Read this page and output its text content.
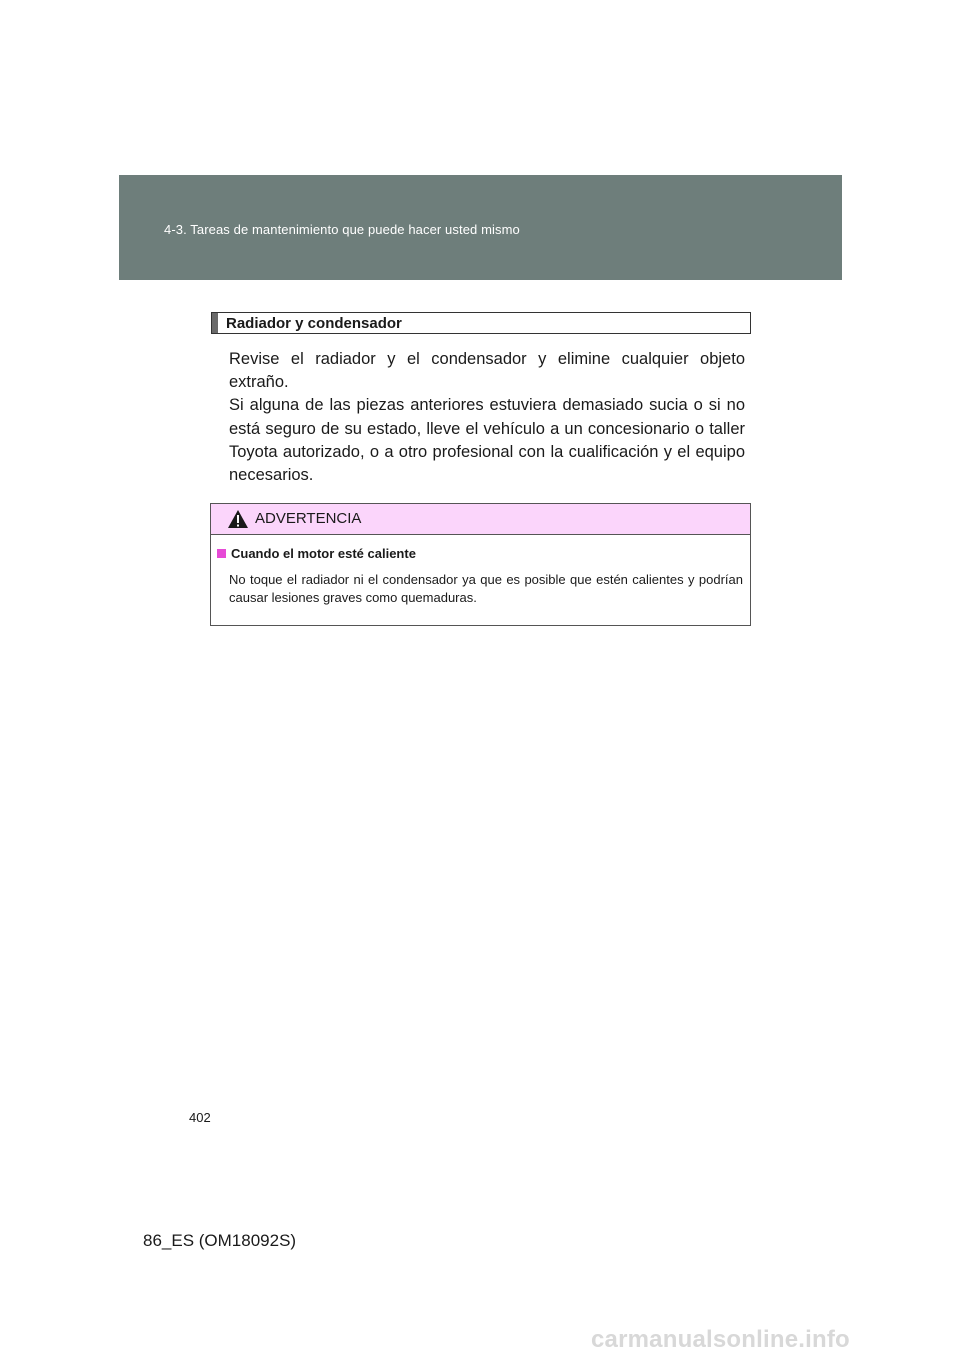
4-3. Tareas de mantenimiento que puede hacer usted mismo
Radiador y condensador

Revise el radiador y el condensador y elimine cualquier objeto extraño.

Si alguna de las piezas anteriores estuviera demasiado sucia o si no está seguro de su estado, lleve el vehículo a un concesionario o taller Toyota autorizado, o a otro profesional con la cualificación y el equipo necesarios.

ADVERTENCIA
Cuando el motor esté caliente
No toque el radiador ni el condensador ya que es posible que estén calientes y podrían causar lesiones graves como quemaduras.
402
86_ES (OM18092S)
carmanualsonline.info
